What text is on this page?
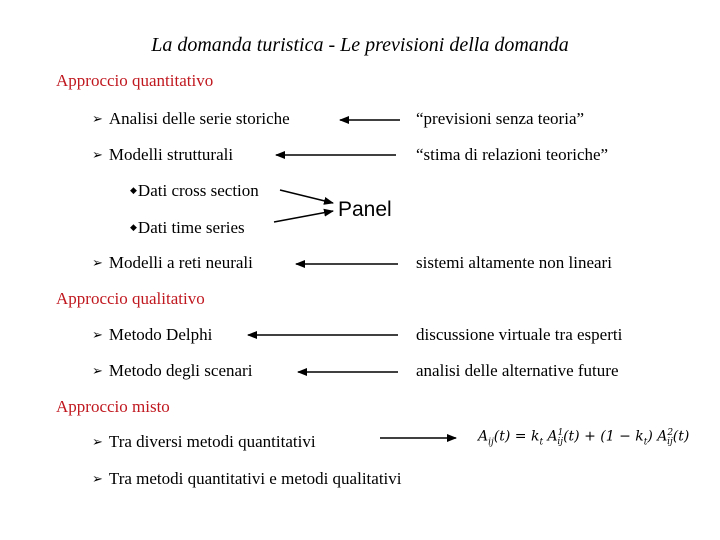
La domanda turistica - Le previsioni della domanda
Approccio quantitativo
➢ Analisi delle serie storiche	“previsioni senza teoria”
➢ Modelli strutturali	“stima di relazioni teoriche”
◆Dati cross section
◆Dati time series
Panel
➢ Modelli a reti neurali	sistemi altamente non lineari
Approccio qualitativo
➢ Metodo Delphi	discussione virtuale tra esperti
➢ Metodo degli scenari	analisi delle alternative future
Approccio misto
➢ Tra diversi metodi quantitativi
➢ Tra metodi quantitativi e metodi qualitativi
$A_{ij}(t) = k_t$ $A^1_{ij}(t) + (1 - k_t)$ $A^2_{ij}(t)$
